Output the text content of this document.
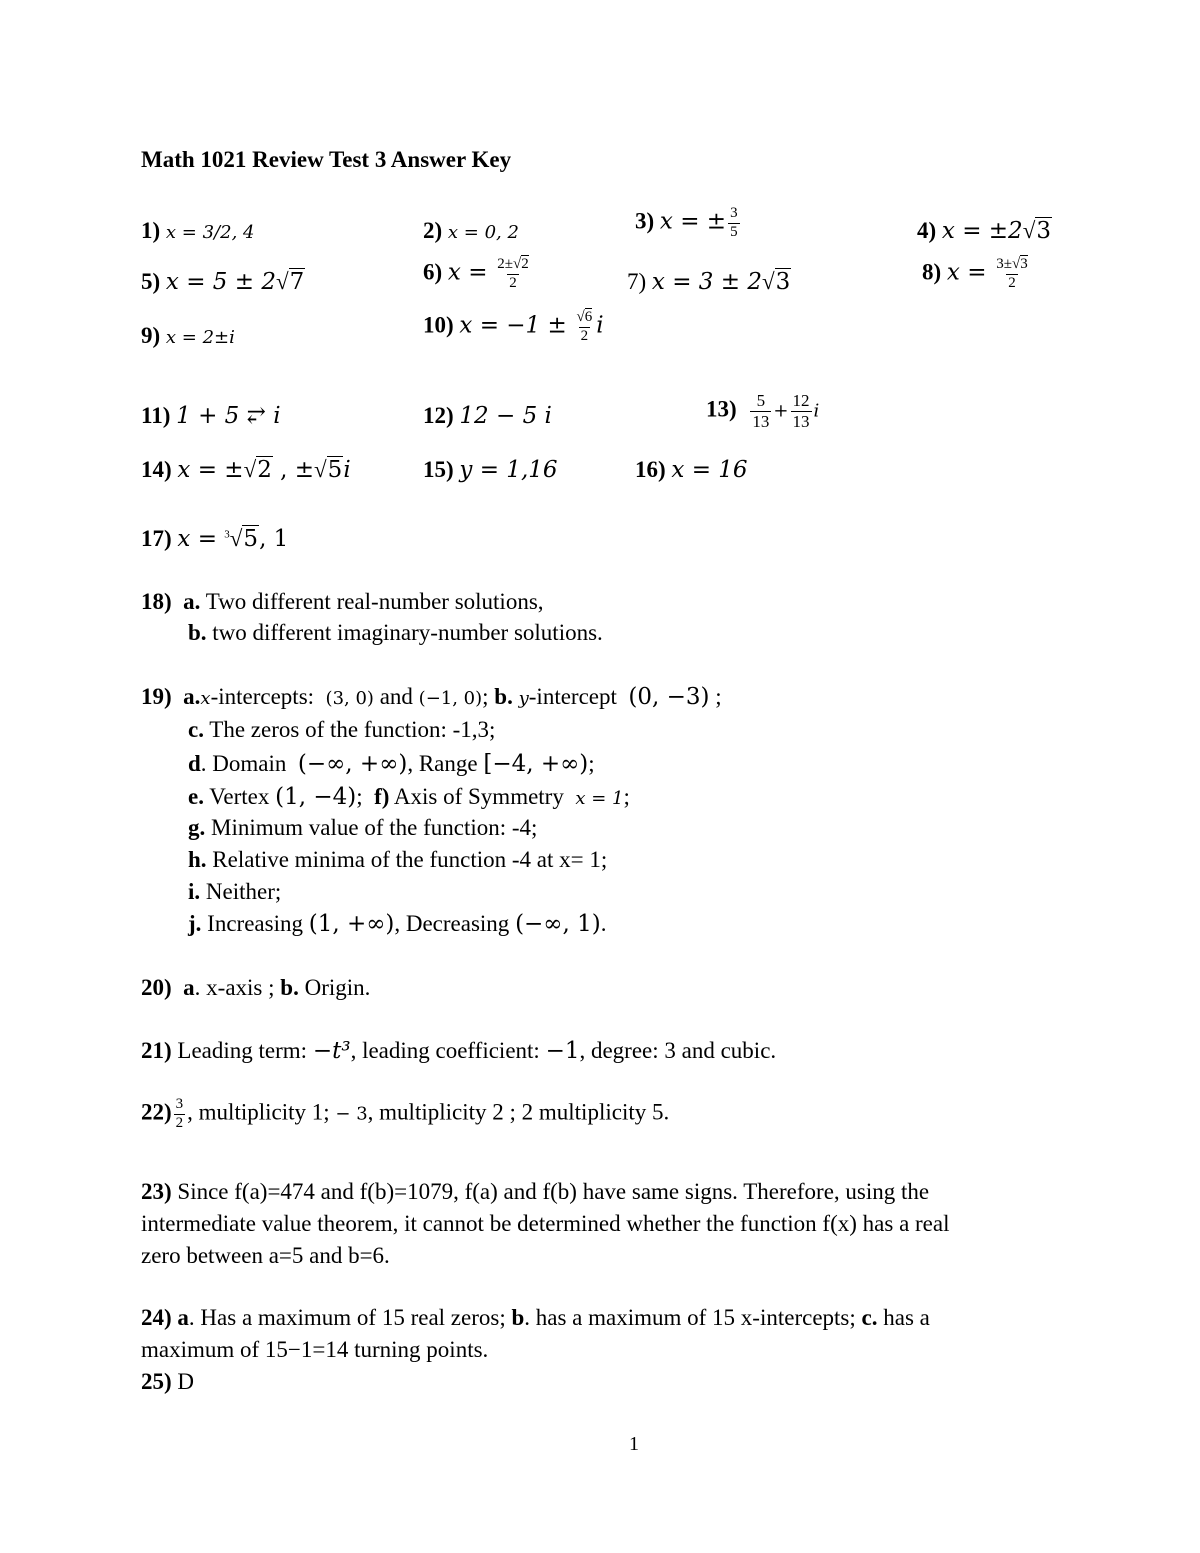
Math 1021 Review Test 3 Answer Key
1) x = 3/2, 4	2) x = 0, 2	3) x = ± $\frac{3}{5}$	4) x = ±2√3
5) x = 5 ± 2√7	6) $x = \frac{2\pm√2}{2}$	7) x = 3 ± 2√3	8) $x = \frac{3\pm√3}{2}$
9) x = 2±i	10) $x = -1 \pm \frac{√6}{2}$ i
11) 1 + 5 ⥂ i	12) 12 − 5 i	$13) \frac{5}{13} + \frac{12}{13}$ i
14) x = ±√2 , ±√5i	15) y = 1,16	16) x = 16
17) x = $^3$√5, 1
18) a. Two different real-number solutions,
b. two different imaginary-number solutions.
19) a.x-intercepts: (3, 0) and (−1, 0); b. y-intercept (0, −3) ;
c. The zeros of the function: -1,3;
d. Domain (−∞, +∞), Range [−4, +∞);
e. Vertex (1, −4); f) Axis of Symmetry x = 1;
g. Minimum value of the function: -4;
h. Relative minima of the function -4 at x= 1;
i. Neither;
j. Increasing (1, +∞), Decreasing (−∞, 1).
20) a. x-axis ; b. Origin.
21) Leading term: −t³, leading coefficient: −1, degree: 3 and cubic.
$22) \frac{3}{2}$ , multiplicity 1; − 3, multiplicity 2 ; 2 multiplicity 5.
23) Since f(a)=474 and f(b)=1079, f(a) and f(b) have same signs. Therefore, using the
intermediate value theorem, it cannot be determined whether the function f(x) has a real
zero between a=5 and b=6.
24) a. Has a maximum of 15 real zeros; b. has a maximum of 15 x-intercepts; c. has a
maximum of 15−1=14 turning points.
25) D
1
